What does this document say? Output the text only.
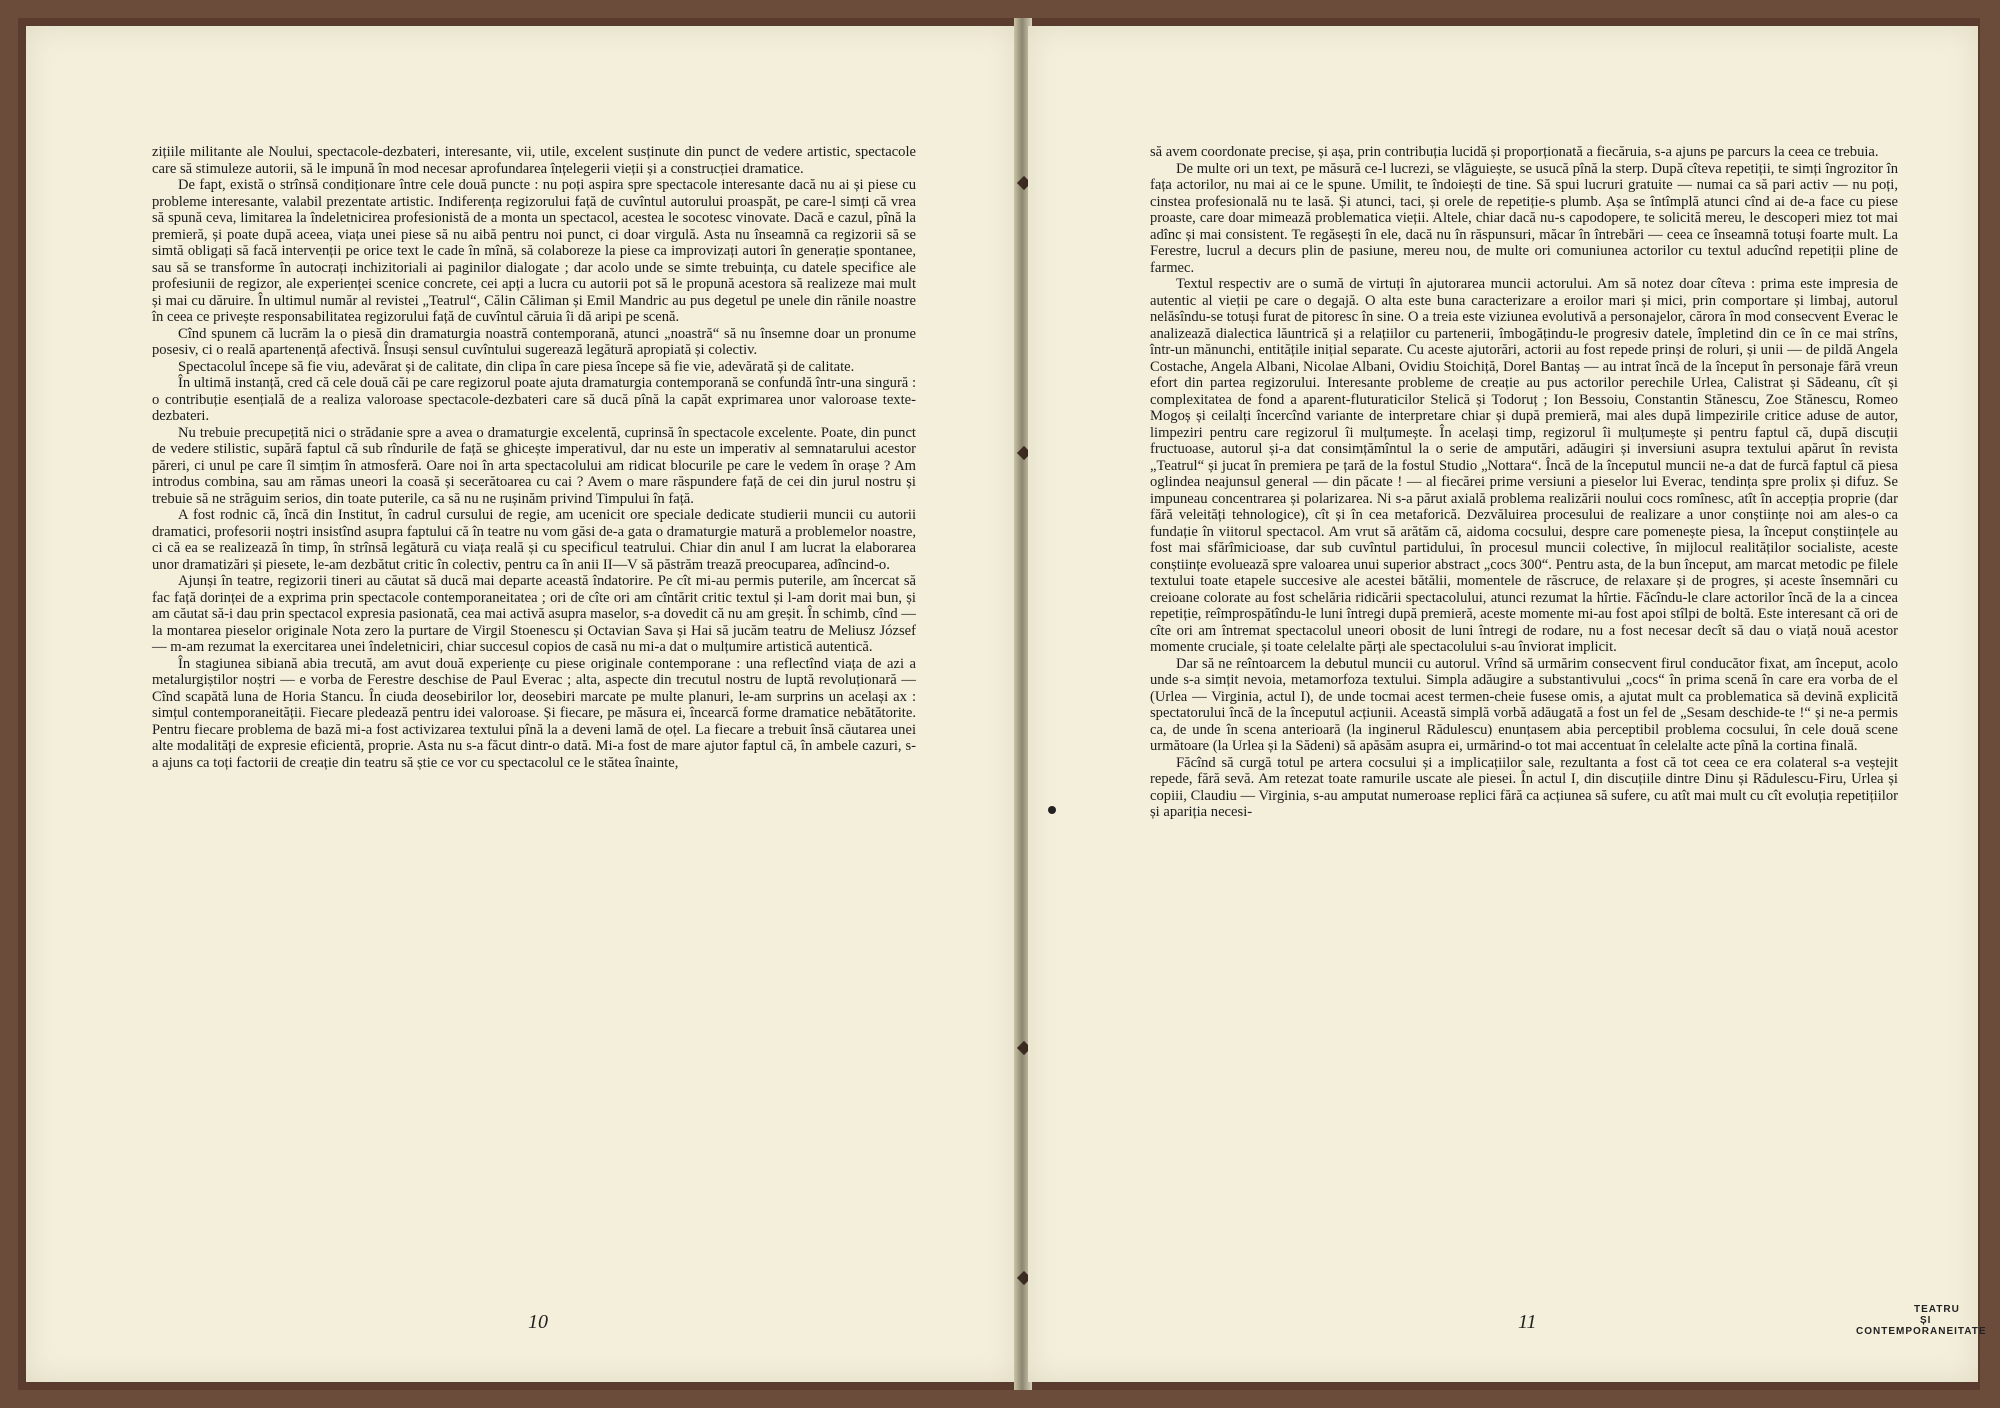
zițiile militante ale Noului, spectacole-dezbateri, interesante, vii, utile, excelent susținute din punct de vedere artistic, spectacole care să stimuleze autorii, să le impună în mod necesar aprofundarea înțelegerii vieții și a construcției dramatice.

De fapt, există o strînsă condiționare între cele două puncte : nu poți aspira spre spectacole interesante dacă nu ai și piese cu probleme interesante, valabil prezentate artistic. Indiferența regizorului față de cuvîntul autorului proaspăt, pe care-l simți că vrea să spună ceva, limitarea la îndeletnicirea profesionistă de a monta un spectacol, acestea le socotesc vinovate. Dacă e cazul, pînă la premieră, și poate după aceea, viața unei piese să nu aibă pentru noi punct, ci doar virgulă. Asta nu înseamnă ca regizorii să se simtă obligați să facă intervenții pe orice text le cade în mînă, să colaboreze la piese ca improvizați autori în generație spontanee, sau să se transforme în autocrați inchizitoriali ai paginilor dialogate ; dar acolo unde se simte trebuința, cu datele specifice ale profesiunii de regizor, ale experienței scenice concrete, cei apți a lucra cu autorii pot să le propună acestora să realizeze mai mult și mai cu dăruire. În ultimul număr al revistei „Teatrul“, Călin Căliman și Emil Mandric au pus degetul pe unele din rănile noastre în ceea ce privește responsabilitatea regizorului față de cuvîntul căruia îi dă aripi pe scenă.

Cînd spunem că lucrăm la o piesă din dramaturgia noastră contemporană, atunci „noastră“ să nu însemne doar un pronume posesiv, ci o reală apartenență afectivă. Însuși sensul cuvîntului sugerează legătură apropiată și colectiv.

Spectacolul începe să fie viu, adevărat și de calitate, din clipa în care piesa începe să fie vie, adevărată și de calitate.

În ultimă instanță, cred că cele două căi pe care regizorul poate ajuta dramaturgia contemporană se confundă într-una singură : o contribuție esențială de a realiza valoroase spectacole-dezbateri care să ducă pînă la capăt exprimarea unor valoroase texte-dezbateri.

Nu trebuie precupețită nici o strădanie spre a avea o dramaturgie excelentă, cuprinsă în spectacole excelente. Poate, din punct de vedere stilistic, supără faptul că sub rîndurile de față se ghicește imperativul, dar nu este un imperativ al semnatarului acestor păreri, ci unul pe care îl simțim în atmosferă. Oare noi în arta spectacolului am ridicat blocurile pe care le vedem în orașe ? Am introdus combina, sau am rămas uneori la coasă și secerătoarea cu cai ? Avem o mare răspundere față de cei din jurul nostru și trebuie să ne străguim serios, din toate puterile, ca să nu ne rușinăm privind Timpului în față.

A fost rodnic că, încă din Institut, în cadrul cursului de regie, am ucenicit ore speciale dedicate studierii muncii cu autorii dramatici, profesorii noștri insistînd asupra faptului că în teatre nu vom găsi de-a gata o dramaturgie matură a problemelor noastre, ci că ea se realizează în timp, în strînsă legătură cu viața reală și cu specificul teatrului. Chiar din anul I am lucrat la elaborarea unor dramatizări și piesete, le-am dezbătut critic în colectiv, pentru ca în anii II—V să păstrăm trează preocuparea, adîncind-o.

Ajunși în teatre, regizorii tineri au căutat să ducă mai departe această îndatorire. Pe cît mi-au permis puterile, am încercat să fac față dorinței de a exprima prin spectacole contemporaneitatea ; ori de cîte ori am cîntărit critic textul și l-am dorit mai bun, și am căutat să-i dau prin spectacol expresia pasionată, cea mai activă asupra maselor, s-a dovedit că nu am greșit. În schimb, cînd — la montarea pieselor originale Nota zero la purtare de Virgil Stoenescu și Octavian Sava și Hai să jucăm teatru de Meliusz József — m-am rezumat la exercitarea unei îndeletniciri, chiar succesul copios de casă nu mi-a dat o mulțumire artistică autentică.

În stagiunea sibiană abia trecută, am avut două experiențe cu piese originale contemporane : una reflectînd viața de azi a metalurgiștilor noștri — e vorba de Ferestre deschise de Paul Everac ; alta, aspecte din trecutul nostru de luptă revoluționară — Cînd scapătă luna de Horia Stancu. În ciuda deosebirilor lor, deosebiri marcate pe multe planuri, le-am surprins un același ax : simțul contemporaneității. Fiecare pledează pentru idei valoroase. Și fiecare, pe măsura ei, încearcă forme dramatice nebătătorite. Pentru fiecare problema de bază mi-a fost activizarea textului pînă la a deveni lamă de oțel. La fiecare a trebuit însă căutarea unei alte modalități de expresie eficientă, proprie. Asta nu s-a făcut dintr-o dată. Mi-a fost de mare ajutor faptul că, în ambele cazuri, s-a ajuns ca toți factorii de creație din teatru să știe ce vor cu spectacolul ce le stătea înainte,

10

să avem coordonate precise, și așa, prin contribuția lucidă și proporționată a fiecăruia, s-a ajuns pe parcurs la ceea ce trebuia.

De multe ori un text, pe măsură ce-l lucrezi, se vlăguiește, se usucă pînă la sterp. După cîteva repetiții, te simți îngrozitor în fața actorilor, nu mai ai ce le spune. Umilit, te îndoiești de tine. Să spui lucruri gratuite — numai ca să pari activ — nu poți, cinstea profesională nu te lasă. Și atunci, taci, și orele de repetiție-s plumb. Așa se întîmplă atunci cînd ai de-a face cu piese proaste, care doar mimează problematica vieții. Altele, chiar dacă nu-s capodopere, te solicită mereu, le descoperi miez tot mai adînc și mai consistent. Te regăsești în ele, dacă nu în răspunsuri, măcar în întrebări — ceea ce înseamnă totuși foarte mult. La Ferestre, lucrul a decurs plin de pasiune, mereu nou, de multe ori comuniunea actorilor cu textul aducînd repetiții pline de farmec.

Textul respectiv are o sumă de virtuți în ajutorarea muncii actorului. Am să notez doar cîteva : prima este impresia de autentic al vieții pe care o degajă. O alta este buna caracterizare a eroilor mari și mici, prin comportare și limbaj, autorul nelăsîndu-se totuși furat de pitoresc în sine. O a treia este viziunea evolutivă a personajelor, cărora în mod consecvent Everac le analizează dialectica lăuntrică și a relațiilor cu partenerii, îmbogățindu-le progresiv datele, împletind din ce în ce mai strîns, într-un mănunchi, entitățile inițial separate. Cu aceste ajutorări, actorii au fost repede prinși de roluri, și unii — de pildă Angela Costache, Angela Albani, Nicolae Albani, Ovidiu Stoichiță, Dorel Bantaș — au intrat încă de la început în personaje fără vreun efort din partea regizorului. Interesante probleme de creație au pus actorilor perechile Urlea, Calistrat și Sădeanu, cît și complexitatea de fond a aparent-fluturaticilor Stelică și Todoruț ; Ion Bessoiu, Constantin Stănescu, Zoe Stănescu, Romeo Mogoș și ceilalți încercînd variante de interpretare chiar și după premieră, mai ales după limpezirile critice aduse de autor, limpeziri pentru care regizorul îi mulțumește. În același timp, regizorul îi mulțumește și pentru faptul că, după discuții fructuoase, autorul și-a dat consimțămîntul la o serie de amputări, adăugiri și inversiuni asupra textului apărut în revista „Teatrul“ și jucat în premiera pe țară de la fostul Studio „Nottara“. Încă de la începutul muncii ne-a dat de furcă faptul că piesa oglindea neajunsul general — din păcate ! — al fiecărei prime versiuni a pieselor lui Everac, tendința spre prolix și difuz. Se impuneau concentrarea și polarizarea. Ni s-a părut axială problema realizării noului cocs romînesc, atît în accepția proprie (dar fără veleități tehnologice), cît și în cea metaforică. Dezvăluirea procesului de realizare a unor conștiințe noi am ales-o ca fundație în viitorul spectacol. Am vrut să arătăm că, aidoma cocsului, despre care pomenește piesa, la început conștiințele au fost mai sfărîmicioase, dar sub cuvîntul partidului, în procesul muncii colective, în mijlocul realităților socialiste, aceste conștiințe evoluează spre valoarea unui superior abstract „cocs 300“. Pentru asta, de la bun început, am marcat metodic pe filele textului toate etapele succesive ale acestei bătălii, momentele de răscruce, de relaxare și de progres, și aceste însemnări cu creioane colorate au fost schelăria ridicării spectacolului, atunci rezumat la hîrtie. Făcîndu-le clare actorilor încă de la a cincea repetiție, reîmprospătîndu-le luni întregi după premieră, aceste momente mi-au fost apoi stîlpi de boltă. Este interesant că ori de cîte ori am întremat spectacolul uneori obosit de luni întregi de rodare, nu a fost necesar decît să dau o viață nouă acestor momente cruciale, și toate celelalte părți ale spectacolului s-au înviorat implicit.

Dar să ne reîntoarcem la debutul muncii cu autorul. Vrînd să urmărim consecvent firul conducător fixat, am început, acolo unde s-a simțit nevoia, metamorfoza textului. Simpla adăugire a substantivului „cocs“ în prima scenă în care era vorba de el (Urlea — Virginia, actul I), de unde tocmai acest termen-cheie fusese omis, a ajutat mult ca problematica să devină explicită spectatorului încă de la începutul acțiunii. Această simplă vorbă adăugată a fost un fel de „Sesam deschide-te !“ și ne-a permis ca, de unde în scena anterioară (la inginerul Rădulescu) enunțasem abia perceptibil problema cocsului, în cele două scene următoare (la Urlea și la Sădeni) să apăsăm asupra ei, urmărind-o tot mai accentuat în celelalte acte pînă la cortina finală.

Făcînd să curgă totul pe artera cocsului și a implicațiilor sale, rezultanta a fost că tot ceea ce era colateral s-a veștejit repede, fără sevă. Am retezat toate ramurile uscate ale piesei. În actul I, din discuțiile dintre Dinu și Rădulescu-Firu, Urlea și copiii, Claudiu — Virginia, s-au amputat numeroase replici fără ca acțiunea să sufere, cu atît mai mult cu cît evoluția repetițiilor și apariția necesi-

11
TEATRU
ȘI
CONTEMPORANEITATE
